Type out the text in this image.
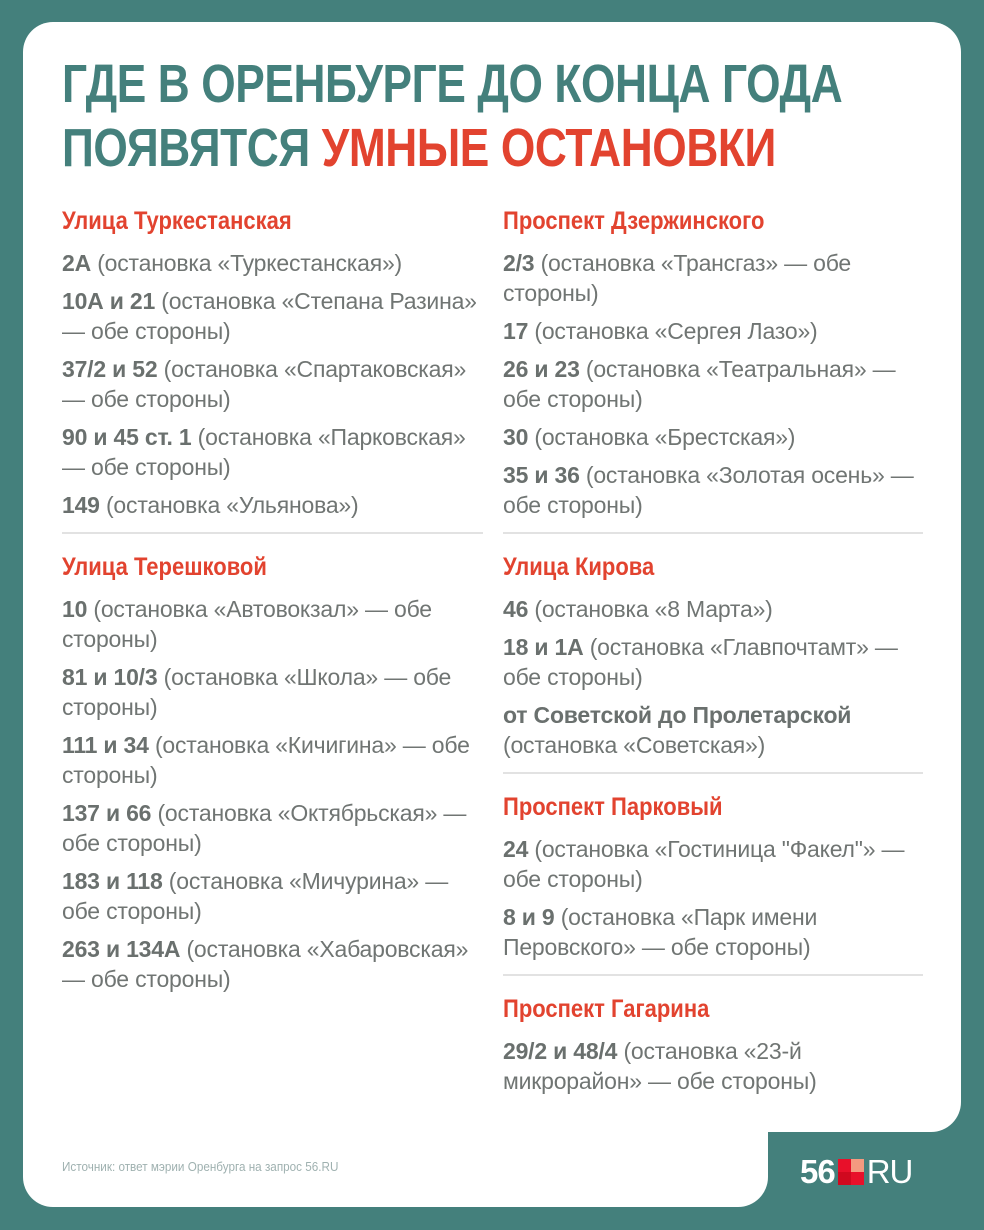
ГДЕ В ОРЕНБУРГЕ ДО КОНЦА ГОДА
ПОЯВЯТСЯ УМНЫЕ ОСТАНОВКИ
Улица Туркестанская
2А (остановка «Туркестанская»)
10А и 21 (остановка «Степана Разина» — обе стороны)
37/2 и 52 (остановка «Спартаковская» — обе стороны)
90 и 45 ст. 1 (остановка «Парковская» — обе стороны)
149 (остановка «Ульянова»)
Улица Терешковой
10 (остановка «Автовокзал» — обе стороны)
81 и 10/3 (остановка «Школа» — обе стороны)
111 и 34 (остановка «Кичигина» — обе стороны)
137 и 66 (остановка «Октябрьская» — обе стороны)
183 и 118 (остановка «Мичурина» — обе стороны)
263 и 134А (остановка «Хабаровская» — обе стороны)
Проспект Дзержинского
2/3 (остановка «Трансгаз» — обе стороны)
17 (остановка «Сергея Лазо»)
26 и 23 (остановка «Театральная» — обе стороны)
30 (остановка «Брестская»)
35 и 36 (остановка «Золотая осень» — обе стороны)
Улица Кирова
46 (остановка «8 Марта»)
18 и 1А (остановка «Главпочтамт» — обе стороны)
от Советской до Пролетарской (остановка «Советская»)
Проспект Парковый
24 (остановка «Гостиница "Факел"» — обе стороны)
8 и 9 (остановка «Парк имени Перовского» — обе стороны)
Проспект Гагарина
29/2 и 48/4 (остановка «23-й микрорайон» — обе стороны)
Источник: ответ мэрии Оренбурга на запрос 56.RU	56 RU
